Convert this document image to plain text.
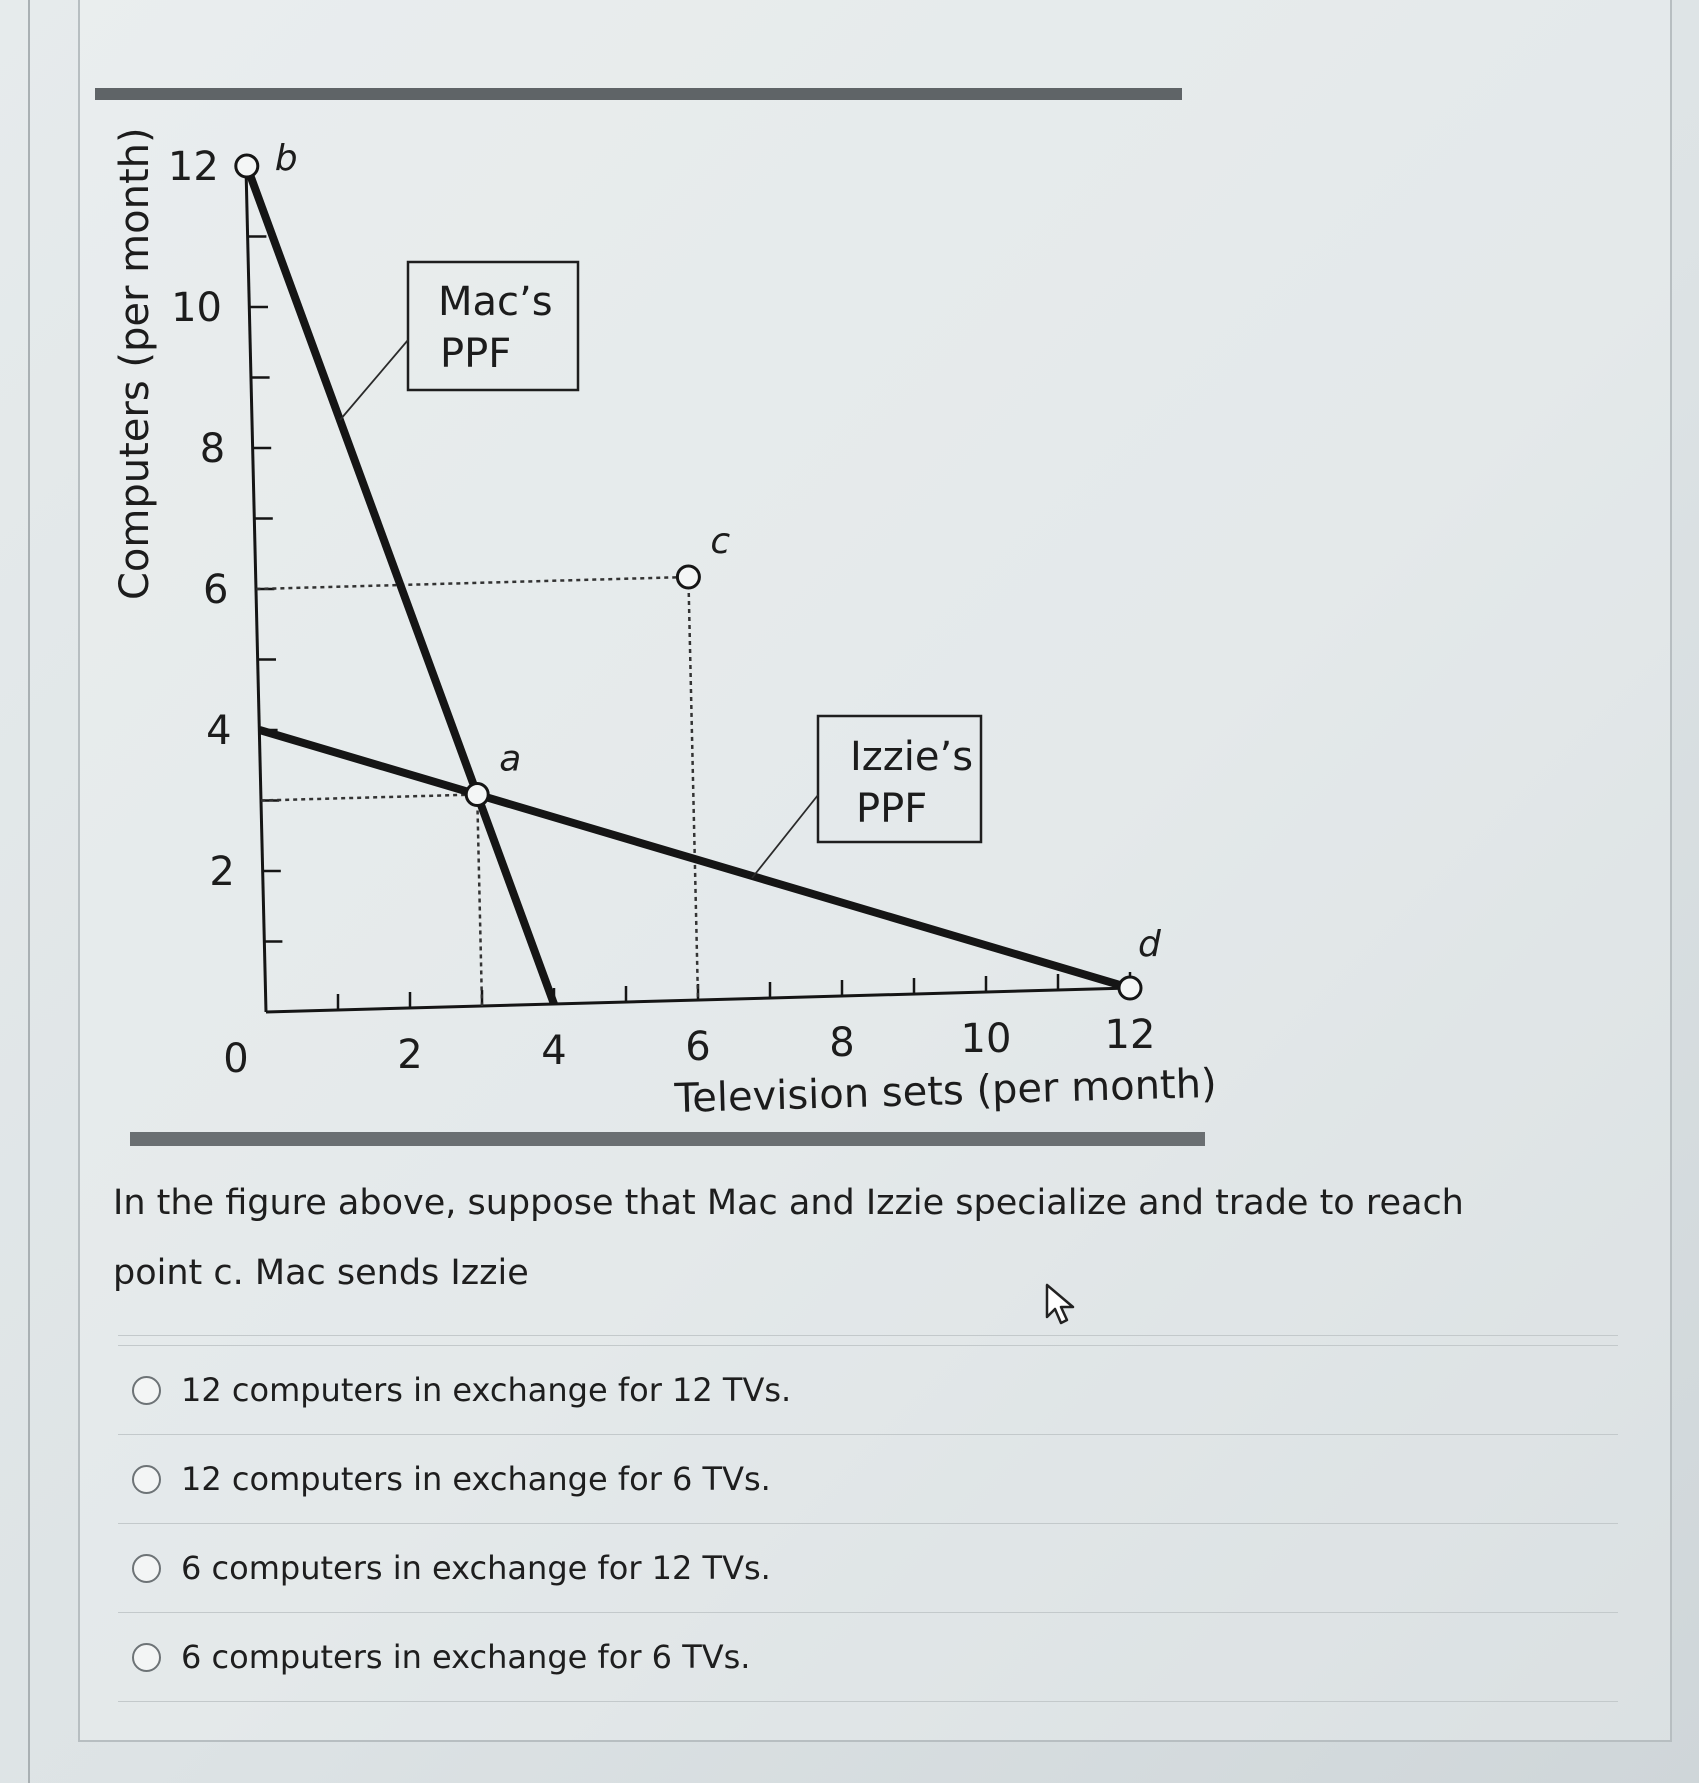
2
4
6
8
10
12
0	2	4	6	8	10 12
Mac’s
PPF
Izzie’s
PPF
a
b
c
d
Television sets (per month)
Computers (per month)

In the figure above, suppose that Mac and Izzie specialize and trade to reach point c. Mac sends Izzie

12 computers in exchange for 12 TVs.
12 computers in exchange for 6 TVs.
6 computers in exchange for 12 TVs.
6 computers in exchange for 6 TVs.
